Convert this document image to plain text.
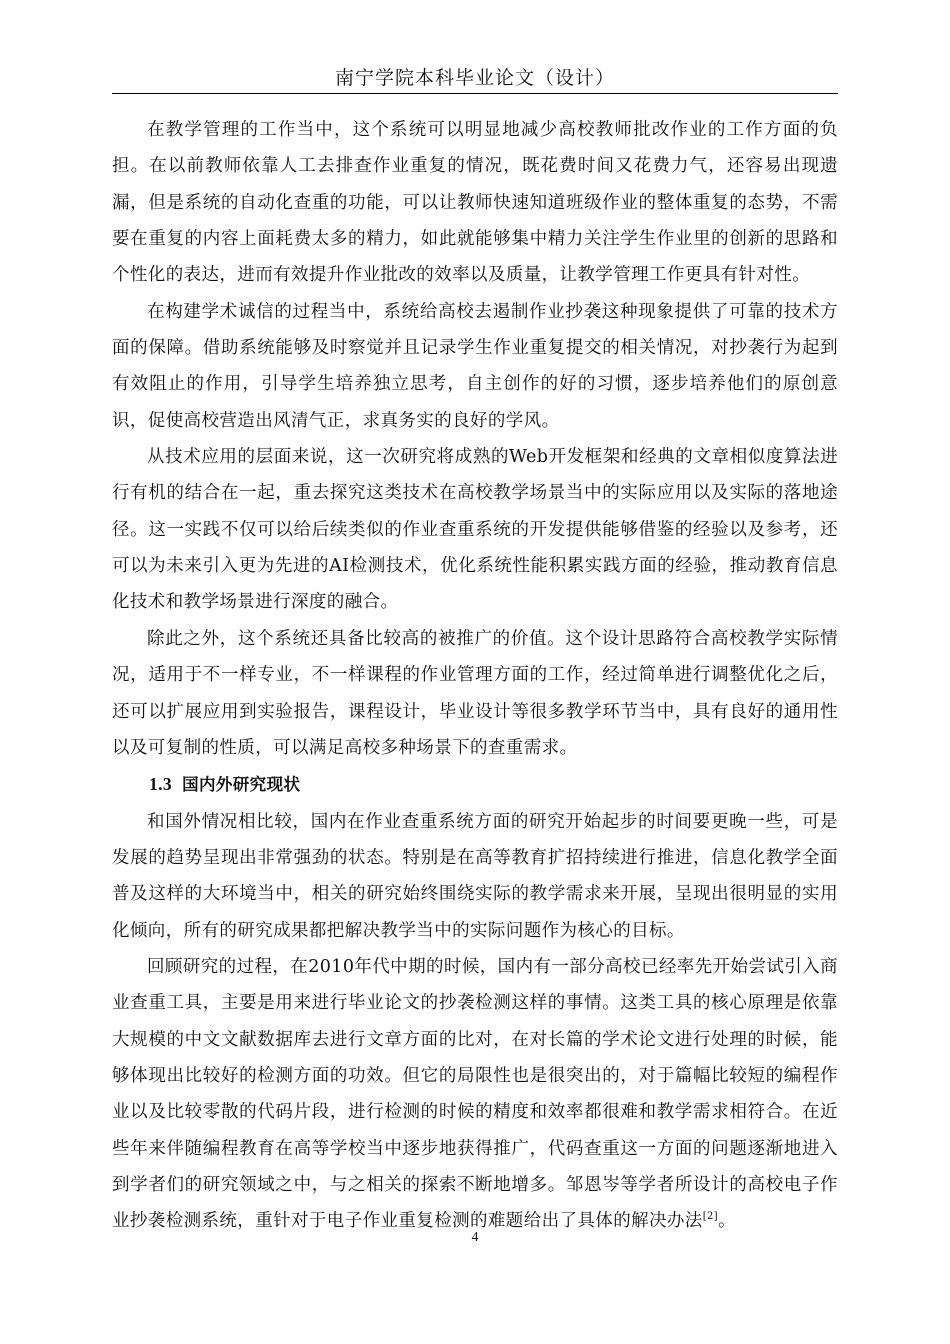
南宁学院本科毕业论文（设计）

在教学管理的工作当中，这个系统可以明显地减少高校教师批改作业的工作方面的负担。在以前教师依靠人工去排查作业重复的情况，既花费时间又花费力气，还容易出现遗漏，但是系统的自动化查重的功能，可以让教师快速知道班级作业的整体重复的态势，不需要在重复的内容上面耗费太多的精力，如此就能够集中精力关注学生作业里的创新的思路和个性化的表达，进而有效提升作业批改的效率以及质量，让教学管理工作更具有针对性。

在构建学术诚信的过程当中，系统给高校去遏制作业抄袭这种现象提供了可靠的技术方面的保障。借助系统能够及时察觉并且记录学生作业重复提交的相关情况，对抄袭行为起到有效阻止的作用，引导学生培养独立思考，自主创作的好的习惯，逐步培养他们的原创意识，促使高校营造出风清气正，求真务实的良好的学风。

从技术应用的层面来说，这一次研究将成熟的Web开发框架和经典的文章相似度算法进行有机的结合在一起，重去探究这类技术在高校教学场景当中的实际应用以及实际的落地途径。这一实践不仅可以给后续类似的作业查重系统的开发提供能够借鉴的经验以及参考，还可以为未来引入更为先进的AI检测技术，优化系统性能积累实践方面的经验，推动教育信息化技术和教学场景进行深度的融合。

除此之外，这个系统还具备比较高的被推广的价值。这个设计思路符合高校教学实际情况，适用于不一样专业，不一样课程的作业管理方面的工作，经过简单进行调整优化之后，还可以扩展应用到实验报告，课程设计，毕业设计等很多教学环节当中，具有良好的通用性以及可复制的性质，可以满足高校多种场景下的查重需求。

1.3 国内外研究现状

和国外情况相比较，国内在作业查重系统方面的研究开始起步的时间要更晚一些，可是发展的趋势呈现出非常强劲的状态。特别是在高等教育扩招持续进行推进，信息化教学全面普及这样的大环境当中，相关的研究始终围绕实际的教学需求来开展，呈现出很明显的实用化倾向，所有的研究成果都把解决教学当中的实际问题作为核心的目标。

回顾研究的过程，在2010年代中期的时候，国内有一部分高校已经率先开始尝试引入商业查重工具，主要是用来进行毕业论文的抄袭检测这样的事情。这类工具的核心原理是依靠大规模的中文文献数据库去进行文章方面的比对，在对长篇的学术论文进行处理的时候，能够体现出比较好的检测方面的功效。但它的局限性也是很突出的，对于篇幅比较短的编程作业以及比较零散的代码片段，进行检测的时候的精度和效率都很难和教学需求相符合。在近些年来伴随编程教育在高等学校当中逐步地获得推广，代码查重这一方面的问题逐渐地进入到学者们的研究领域之中，与之相关的探索不断地增多。邹恩岑等学者所设计的高校电子作业抄袭检测系统，重针对于电子作业重复检测的难题给出了具体的解决办法[2]。

4
